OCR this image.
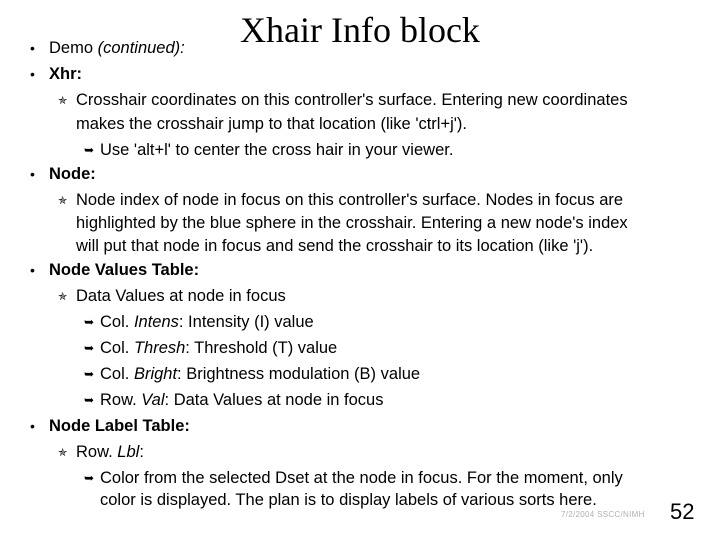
Xhair Info block
• Demo (continued):
• Xhr:
✯ Crosshair coordinates on this controller's surface. Entering new coordinates
makes the crosshair jump to that location (like 'ctrl+j').
➥ Use 'alt+l' to center the cross hair in your viewer.
• Node:
✯ Node index of node in focus on this controller's surface. Nodes in focus are
highlighted by the blue sphere in the crosshair. Entering a new node's index
will put that node in focus and send the crosshair to its location (like 'j').
• Node Values Table:
✯ Data Values at node in focus
➥ Col. Intens: Intensity (I) value
➥ Col. Thresh: Threshold (T) value
➥ Col. Bright: Brightness modulation (B) value
➥ Row. Val: Data Values at node in focus
• Node Label Table:
✯ Row. Lbl:
➥ Color from the selected Dset at the node in focus. For the moment, only
color is displayed. The plan is to display labels of various sorts here.
7/2/2004 SSCC/NIMH 52
